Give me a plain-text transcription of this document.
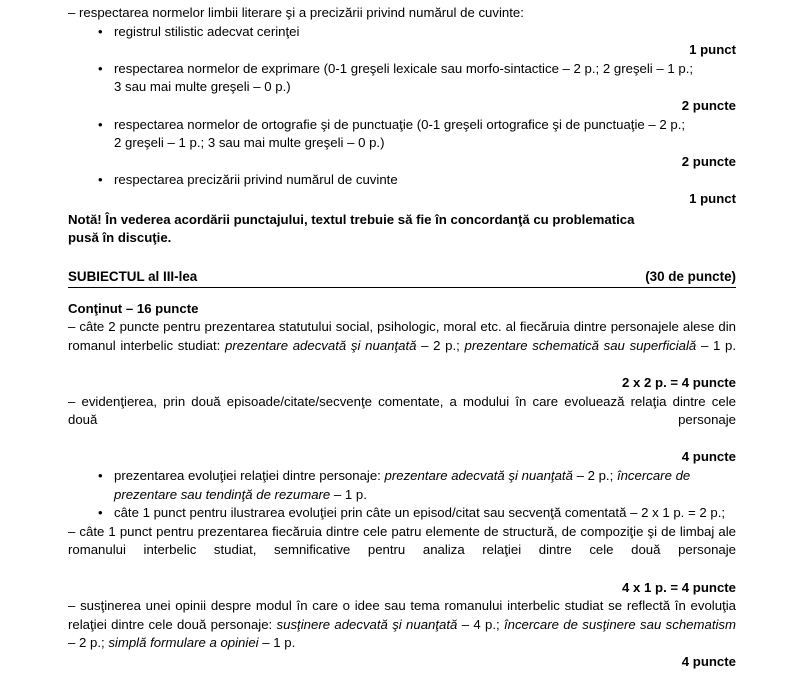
– respectarea normelor limbii literare şi a precizării privind numărul de cuvinte:
• registrul stilistic adecvat cerinţei
1 punct
• respectarea normelor de exprimare (0-1 greşeli lexicale sau morfo-sintactice – 2 p.; 2 greşeli – 1 p.;
3 sau mai multe greşeli – 0 p.)
2 puncte
• respectarea normelor de ortografie şi de punctuaţie (0-1 greşeli ortografice şi de punctuaţie – 2 p.;
2 greşeli – 1 p.; 3 sau mai multe greşeli – 0 p.)
2 puncte
• respectarea precizării privind numărul de cuvinte
1 punct
Notă! În vederea acordării punctajului, textul trebuie să fie în concordanţă cu problematica
pusă în discuţie.
SUBIECTUL al III-lea	(30 de puncte)
Conţinut – 16 puncte
– câte 2 puncte pentru prezentarea statutului social, psihologic, moral etc. al fiecăruia dintre personajele alese din romanul interbelic studiat: prezentare adecvată şi nuanţată – 2 p.; prezentare schematică sau superficială – 1 p.
2 x 2 p. = 4 puncte
– evidenţierea, prin două episoade/citate/secvenţe comentate, a modului în care evoluează relaţia dintre cele două personaje
4 puncte
• prezentarea evoluţiei relaţiei dintre personaje: prezentare adecvată şi nuanţată – 2 p.; încercare de prezentare sau tendinţă de rezumare – 1 p.
• câte 1 punct pentru ilustrarea evoluţiei prin câte un episod/citat sau secvenţă comentată – 2 x 1 p. = 2 p.;
– câte 1 punct pentru prezentarea fiecăruia dintre cele patru elemente de structură, de compoziţie şi de limbaj ale romanului interbelic studiat, semnificative pentru analiza relaţiei dintre cele două personaje
4 x 1 p. = 4 puncte
– susţinerea unei opinii despre modul în care o idee sau tema romanului interbelic studiat se reflectă în evoluţia relaţiei dintre cele două personaje: susţinere adecvată şi nuanţată – 4 p.; încercare de susţinere sau schematism – 2 p.; simplă formulare a opiniei – 1 p.
4 puncte
